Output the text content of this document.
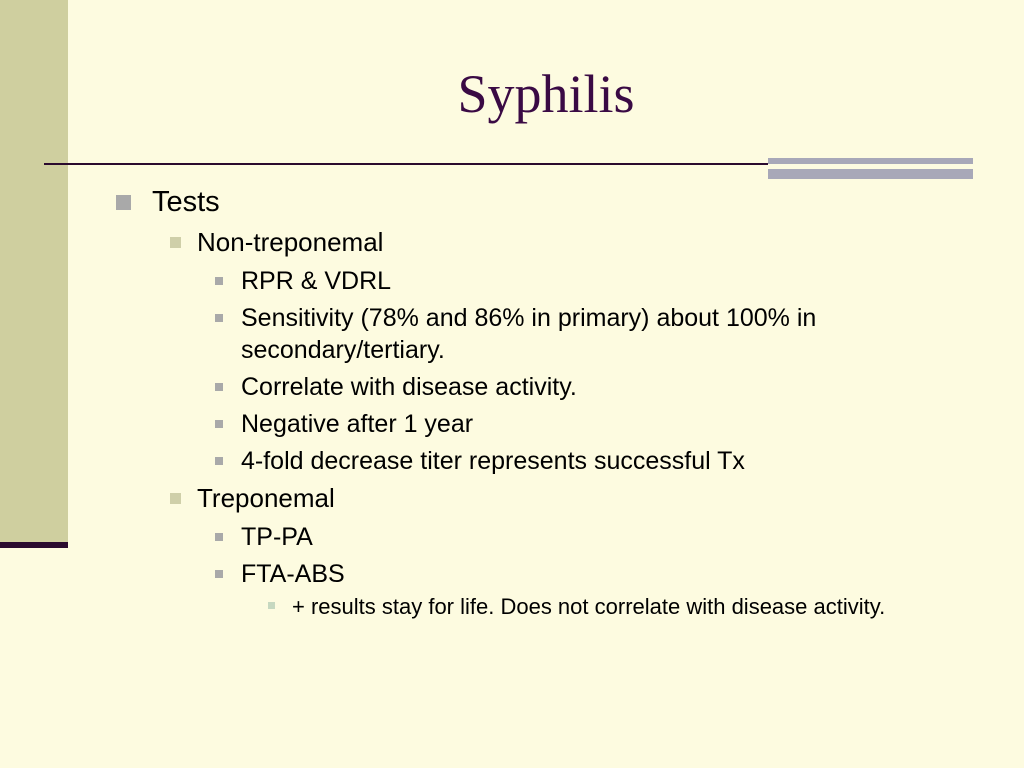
Syphilis
Tests
Non-treponemal
RPR & VDRL
Sensitivity (78% and 86% in primary) about 100% in secondary/tertiary.
Correlate with disease activity.
Negative after 1 year
4-fold decrease titer represents successful Tx
Treponemal
TP-PA
FTA-ABS
+ results stay for life. Does not correlate with disease activity.
